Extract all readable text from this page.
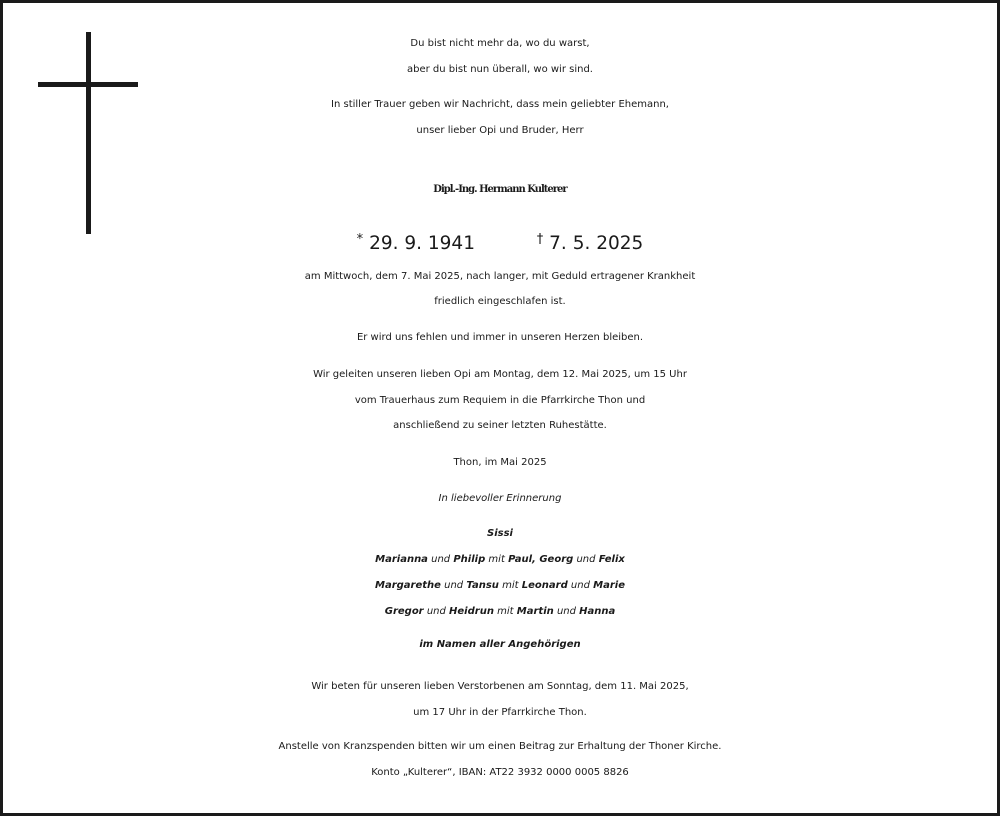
Du bist nicht mehr da, wo du warst,
aber du bist nun überall, wo wir sind.
In stiller Trauer geben wir Nachricht, dass mein geliebter Ehemann,
unser lieber Opi und Bruder, Herr
Dipl.-Ing. Hermann Kulterer
* 29. 9. 1941	† 7. 5. 2025
am Mittwoch, dem 7. Mai 2025, nach langer, mit Geduld ertragener Krankheit
friedlich eingeschlafen ist.
Er wird uns fehlen und immer in unseren Herzen bleiben.
Wir geleiten unseren lieben Opi am Montag, dem 12. Mai 2025, um 15 Uhr
vom Trauerhaus zum Requiem in die Pfarrkirche Thon und
anschließend zu seiner letzten Ruhestätte.
Thon, im Mai 2025
In liebevoller Erinnerung
Sissi
Marianna und Philip mit Paul, Georg und Felix
Margarethe und Tansu mit Leonard und Marie
Gregor und Heidrun mit Martin und Hanna
im Namen aller Angehörigen
Wir beten für unseren lieben Verstorbenen am Sonntag, dem 11. Mai 2025,
um 17 Uhr in der Pfarrkirche Thon.
Anstelle von Kranzspenden bitten wir um einen Beitrag zur Erhaltung der Thoner Kirche.
Konto „Kulterer“, IBAN: AT22 3932 0000 0005 8826
